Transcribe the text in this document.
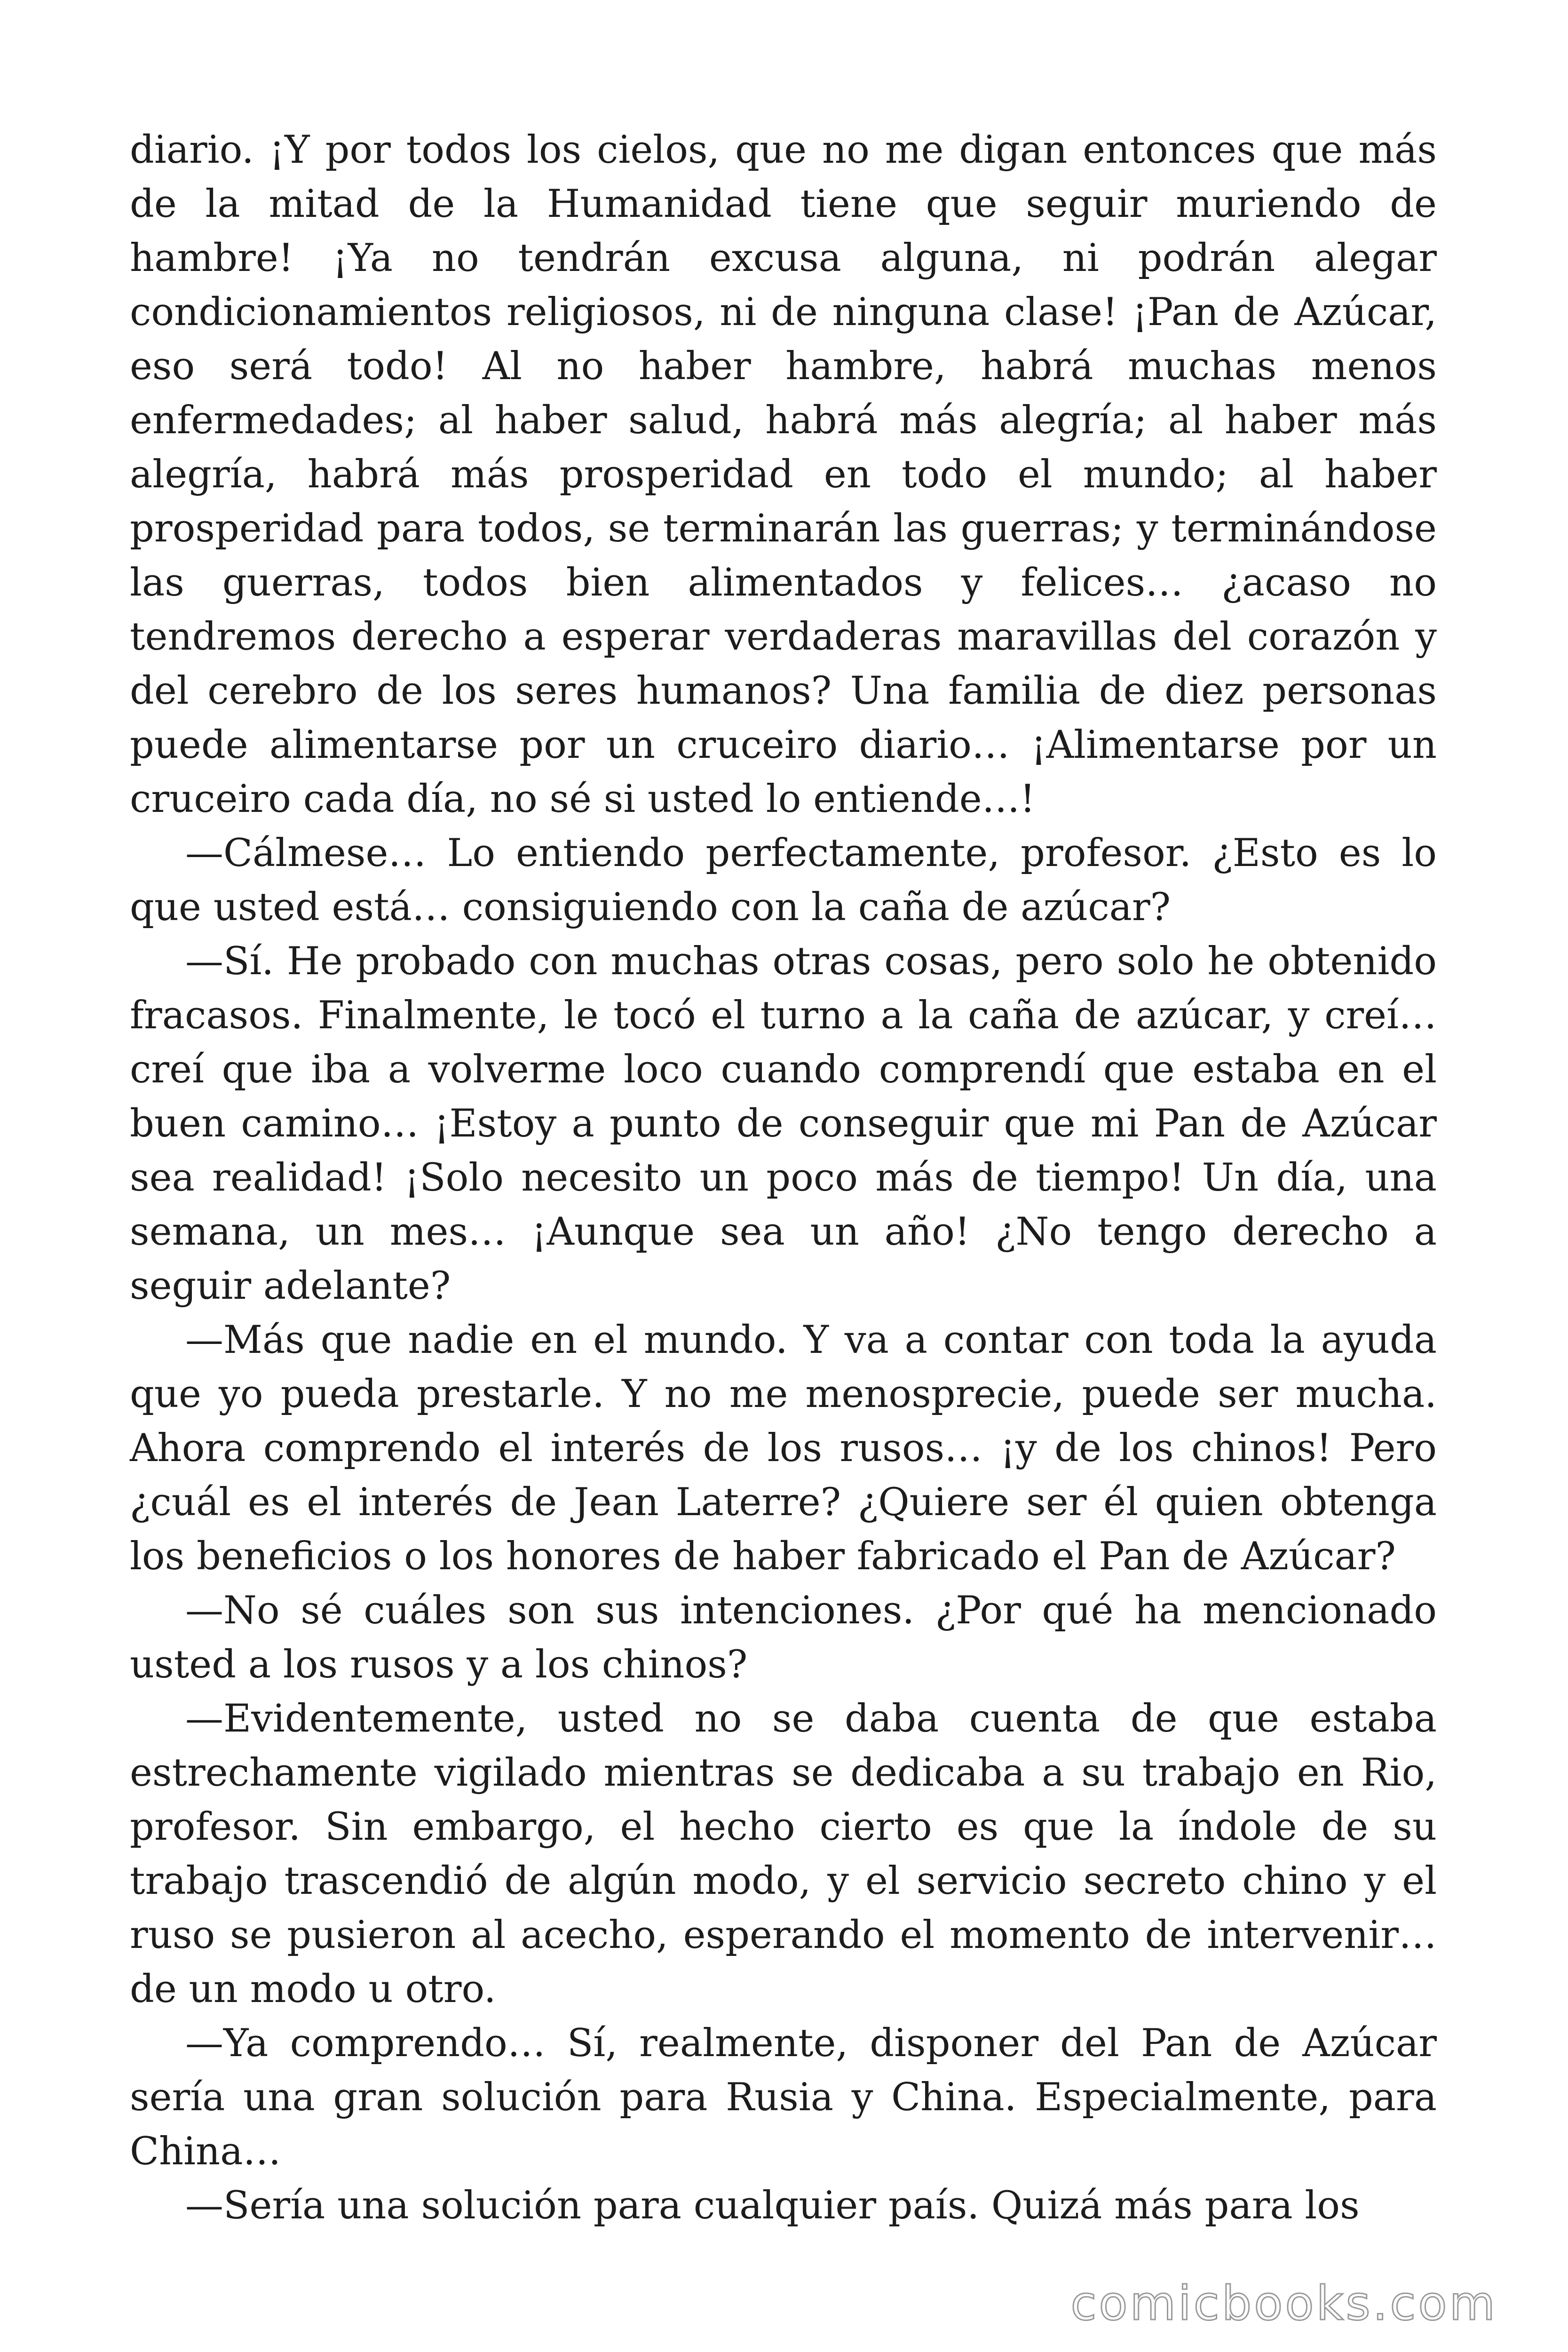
diario. ¡Y por todos los cielos, que no me digan entonces que más de la mitad de la Humanidad tiene que seguir muriendo de hambre! ¡Ya no tendrán excusa alguna, ni podrán alegar condicionamientos religiosos, ni de ninguna clase! ¡Pan de Azúcar, eso será todo! Al no haber hambre, habrá muchas menos enfermedades; al haber salud, habrá más alegría; al haber más alegría, habrá más prosperidad en todo el mundo; al haber prosperidad para todos, se terminarán las guerras; y terminándose las guerras, todos bien alimentados y felices… ¿acaso no tendremos derecho a esperar verdaderas maravillas del corazón y del cerebro de los seres humanos? Una familia de diez personas puede alimentarse por un cruceiro diario… ¡Alimentarse por un cruceiro cada día, no sé si usted lo entiende…!

—Cálmese… Lo entiendo perfectamente, profesor. ¿Esto es lo que usted está… consiguiendo con la caña de azúcar?

—Sí. He probado con muchas otras cosas, pero solo he obtenido fracasos. Finalmente, le tocó el turno a la caña de azúcar, y creí… creí que iba a volverme loco cuando comprendí que estaba en el buen camino… ¡Estoy a punto de conseguir que mi Pan de Azúcar sea realidad! ¡Solo necesito un poco más de tiempo! Un día, una semana, un mes… ¡Aunque sea un año! ¿No tengo derecho a seguir adelante?

—Más que nadie en el mundo. Y va a contar con toda la ayuda que yo pueda prestarle. Y no me menosprecie, puede ser mucha. Ahora comprendo el interés de los rusos… ¡y de los chinos! Pero ¿cuál es el interés de Jean Laterre? ¿Quiere ser él quien obtenga los beneficios o los honores de haber fabricado el Pan de Azúcar?

—No sé cuáles son sus intenciones. ¿Por qué ha mencionado usted a los rusos y a los chinos?

—Evidentemente, usted no se daba cuenta de que estaba estrechamente vigilado mientras se dedicaba a su trabajo en Rio, profesor. Sin embargo, el hecho cierto es que la índole de su trabajo trascendió de algún modo, y el servicio secreto chino y el ruso se pusieron al acecho, esperando el momento de intervenir… de un modo u otro.

—Ya comprendo… Sí, realmente, disponer del Pan de Azúcar sería una gran solución para Rusia y China. Especialmente, para China…

—Sería una solución para cualquier país. Quizá más para los

comicbooks.com
